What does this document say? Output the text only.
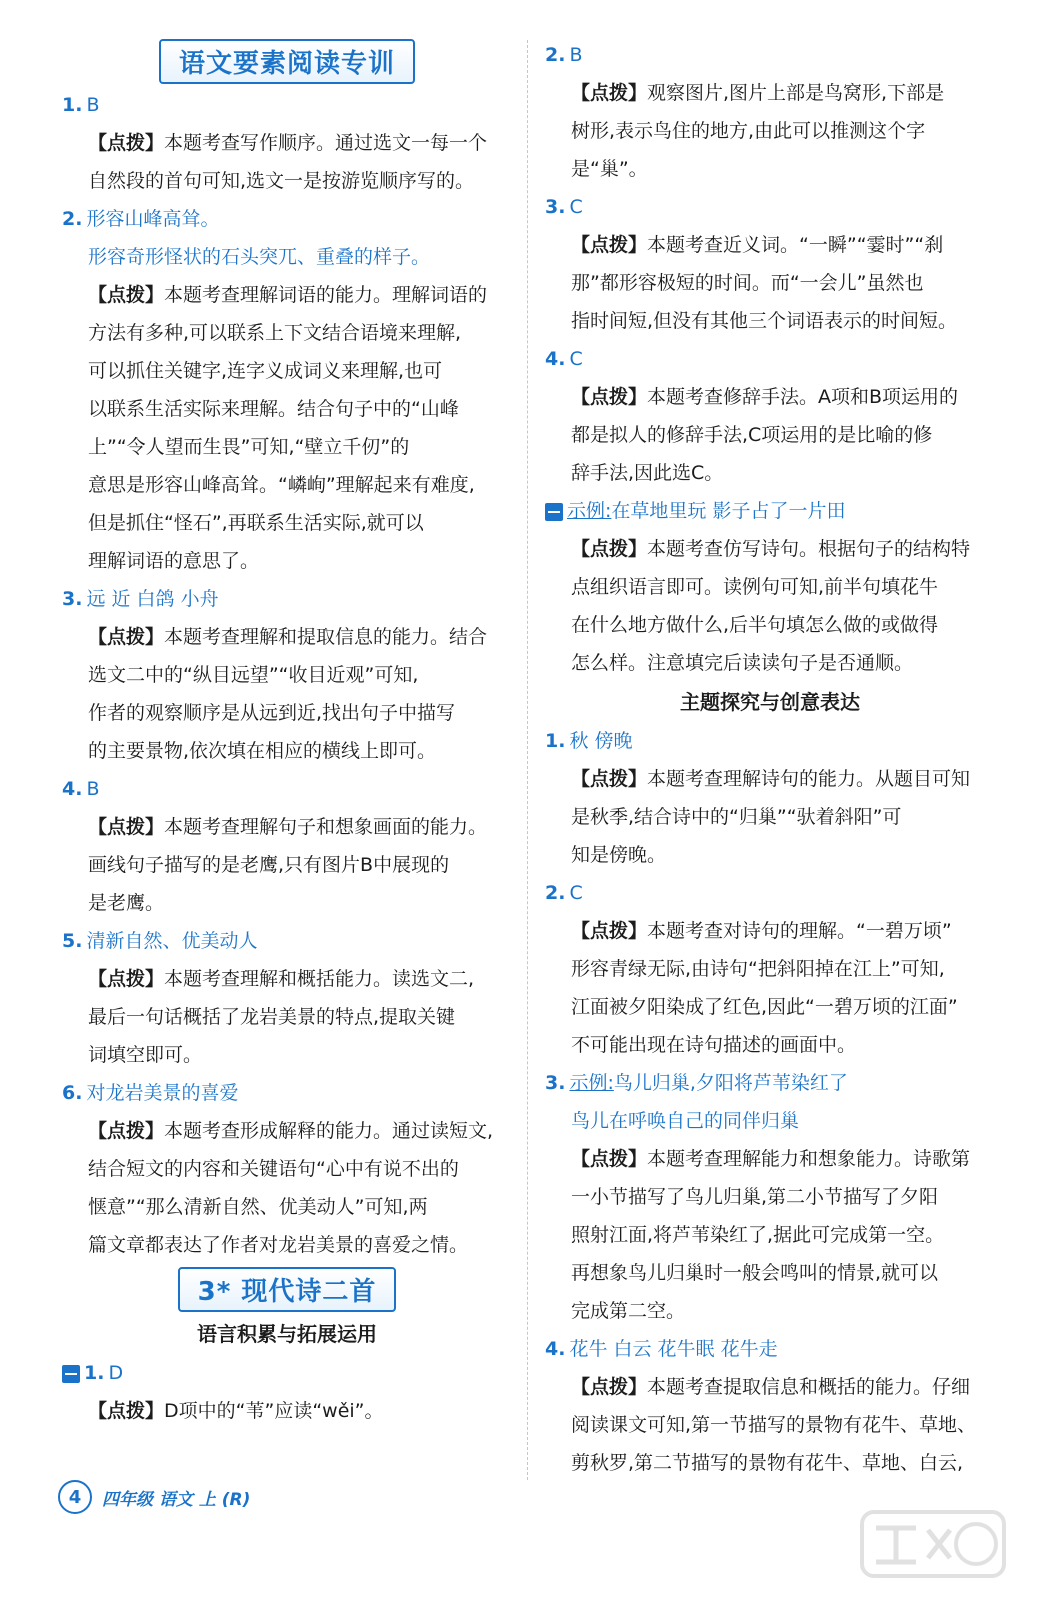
语文要素阅读专训
1. B
【点拨】本题考查写作顺序。通过选文一每一个
自然段的首句可知,选文一是按游览顺序写的。
2. 形容山峰高耸。
形容奇形怪状的石头突兀、重叠的样子。
【点拨】本题考查理解词语的能力。理解词语的
方法有多种,可以联系上下文结合语境来理解,
可以抓住关键字,连字义成词义来理解,也可
以联系生活实际来理解。结合句子中的“山峰
上”“令人望而生畏”可知,“壁立千仞”的
意思是形容山峰高耸。“嶙峋”理解起来有难度,
但是抓住“怪石”,再联系生活实际,就可以
理解词语的意思了。
3. 远 近 白鸽 小舟
【点拨】本题考查理解和提取信息的能力。结合
选文二中的“纵目远望”“收目近观”可知,
作者的观察顺序是从远到近,找出句子中描写
的主要景物,依次填在相应的横线上即可。
4. B
【点拨】本题考查理解句子和想象画面的能力。
画线句子描写的是老鹰,只有图片B中展现的
是老鹰。
5. 清新自然、优美动人
【点拨】本题考查理解和概括能力。读选文二,
最后一句话概括了龙岩美景的特点,提取关键
词填空即可。
6. 对龙岩美景的喜爱
【点拨】本题考查形成解释的能力。通过读短文,
结合短文的内容和关键语句“心中有说不出的
惬意”“那么清新自然、优美动人”可知,两
篇文章都表达了作者对龙岩美景的喜爱之情。
3* 现代诗二首
语言积累与拓展运用
1. D
【点拨】D项中的“苇”应读“wěi”。
2. B
【点拨】观察图片,图片上部是鸟窝形,下部是
树形,表示鸟住的地方,由此可以推测这个字
是“巢”。
3. C
【点拨】本题考查近义词。“一瞬”“霎时”“刹
那”都形容极短的时间。而“一会儿”虽然也
指时间短,但没有其他三个词语表示的时间短。
4. C
【点拨】本题考查修辞手法。A项和B项运用的
都是拟人的修辞手法,C项运用的是比喻的修
辞手法,因此选C。
示例:在草地里玩 影子占了一片田
【点拨】本题考查仿写诗句。根据句子的结构特
点组织语言即可。读例句可知,前半句填花牛
在什么地方做什么,后半句填怎么做的或做得
怎么样。注意填完后读读句子是否通顺。
主题探究与创意表达
1. 秋 傍晚
【点拨】本题考查理解诗句的能力。从题目可知
是秋季,结合诗中的“归巢”“驮着斜阳”可
知是傍晚。
2. C
【点拨】本题考查对诗句的理解。“一碧万顷”
形容青绿无际,由诗句“把斜阳掉在江上”可知,
江面被夕阳染成了红色,因此“一碧万顷的江面”
不可能出现在诗句描述的画面中。
3. 示例:鸟儿归巢,夕阳将芦苇染红了
鸟儿在呼唤自己的同伴归巢
【点拨】本题考查理解能力和想象能力。诗歌第
一小节描写了鸟儿归巢,第二小节描写了夕阳
照射江面,将芦苇染红了,据此可完成第一空。
再想象鸟儿归巢时一般会鸣叫的情景,就可以
完成第二空。
4. 花牛 白云 花牛眠 花牛走
【点拨】本题考查提取信息和概括的能力。仔细
阅读课文可知,第一节描写的景物有花牛、草地、
剪秋罗,第二节描写的景物有花牛、草地、白云,
4	四年级 语文 上 (R)
